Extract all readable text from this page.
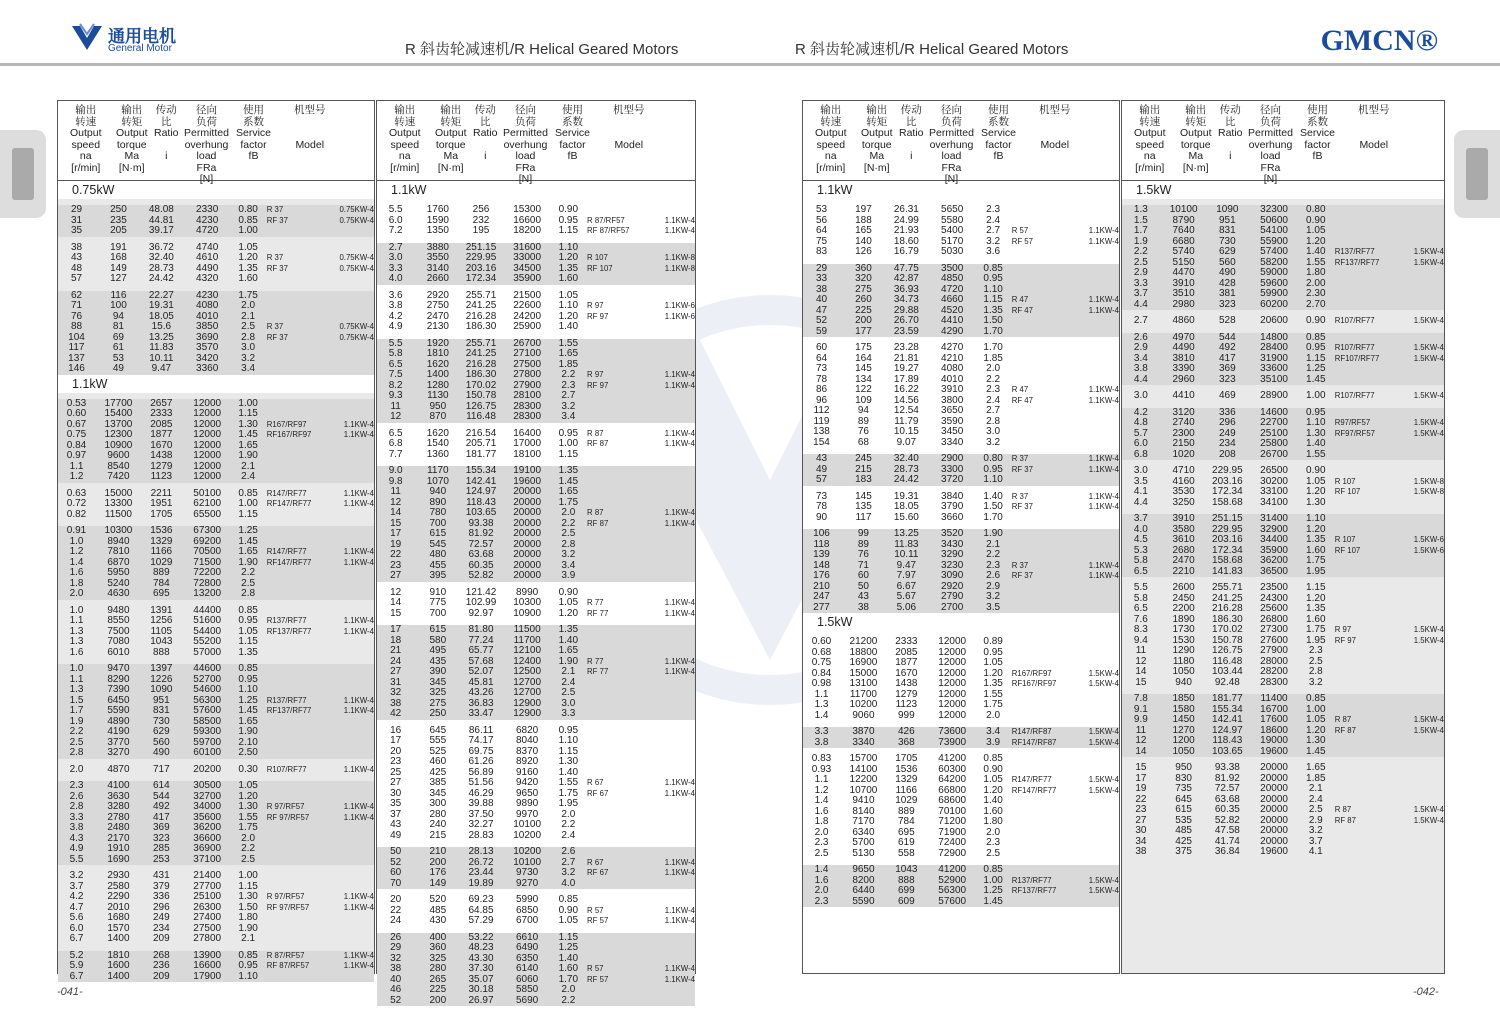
通用电机
General Motor	R 斜齿轮减速机/R Helical Geared Motors	R 斜齿轮减速机/R Helical Geared Motors	GMCN®
输出
转速
Output
speed
na
[r/min]
输出
转矩
Output
torque
Ma
[N·m]
传动
比
Ratio

i
径向
负荷
Permitted
overhung
load
FRa
[N]
使用
系数
Service
factor
fB
机型号

Model
0.75kW
29	250	48.08	2330	0.80	R 37	0.75KW-4
31	235	44.81	4230	0.85	RF 37	0.75KW-4
35	205	39.17	4720	1.00
38	191	36.72	4740	1.05
43	168	32.40	4610	1.20	R 37	0.75KW-4
48	149	28.73	4490	1.35	RF 37	0.75KW-4
57	127	24.42	4320	1.60
62	116	22.27	4230	1.75
71	100	19.31	4080	2.0
76	94	18.05	4010	2.1
88	81	15.6	3850	2.5	R 37	0.75KW-4
104	69	13.25	3690	2.8	RF 37	0.75KW-4
117	61	11.83	3570	3.0
137	53	10.11	3420	3.2
146	49	9.47	3360	3.4
1.1kW
0.53	17700	2657	12000	1.00
0.60	15400	2333	12000	1.15
0.67	13700	2085	12000	1.30	R167/RF97	1.1KW-4
0.75	12300	1877	12000	1.45	RF167/RF97	1.1KW-4
0.84	10900	1670	12000	1.65
0.97	9600	1438	12000	1.90
1.1	8540	1279	12000	2.1
1.2	7420	1123	12000	2.4
0.63	15000	2211	50100	0.85	R147/RF77	1.1KW-4
0.72	13300	1951	62100	1.00	RF147/RF77	1.1KW-4
0.82	11500	1705	65500	1.15
0.91	10300	1536	67300	1.25
1.0	8940	1329	69200	1.45
1.2	7810	1166	70500	1.65	R147/RF77	1.1KW-4
1.4	6870	1029	71500	1.90	RF147/RF77	1.1KW-4
1.6	5950	889	72200	2.2
1.8	5240	784	72800	2.5
2.0	4630	695	13200	2.8
1.0	9480	1391	44400	0.85
1.1	8550	1256	51600	0.95	R137/RF77	1.1KW-4
1.3	7500	1105	54400	1.05	RF137/RF77	1.1KW-4
1.3	7080	1043	55200	1.15
1.6	6010	888	57000	1.35
1.0	9470	1397	44600	0.85
1.1	8290	1226	52700	0.95
1.3	7390	1090	54600	1.10
1.5	6450	951	56300	1.25	R137/RF77	1.1KW-4
1.7	5590	831	57600	1.45	RF137/RF77	1.1KW-4
1.9	4890	730	58500	1.65
2.2	4190	629	59300	1.90
2.5	3770	560	59700	2.10
2.8	3270	490	60100	2.50
2.0	4870	717	20200	0.30	R107/RF77	1.1KW-4
2.3	4100	614	30500	1.05
2.6	3630	544	32700	1.20
2.8	3280	492	34000	1.30	R 97/RF57	1.1KW-4
3.3	2780	417	35600	1.55	RF 97/RF57	1.1KW-4
3.8	2480	369	36200	1.75
4.3	2170	323	36600	2.0
4.9	1910	285	36900	2.2
5.5	1690	253	37100	2.5
3.2	2930	431	21400	1.00
3.7	2580	379	27700	1.15
4.2	2290	336	25100	1.30	R 97/RF57	1.1KW-4
4.7	2010	296	26300	1.50	RF 97/RF57	1.1KW-4
5.6	1680	249	27400	1.80
6.0	1570	234	27500	1.90
6.7	1400	209	27800	2.1
5.2	1810	268	13900	0.85	R 87/RF57	1.1KW-4
5.9	1600	236	16600	0.95	RF 87/RF57	1.1KW-4
6.7	1400	209	17900	1.10
输出
转速
Output
speed
na
[r/min]
输出
转矩
Output
torque
Ma
[N·m]
传动
比
Ratio

i
径向
负荷
Permitted
overhung
load
FRa
[N]
使用
系数
Service
factor
fB
机型号

Model
1.1kW
5.5	1760	256	15300	0.90
6.0	1590	232	16600	0.95	R 87/RF57	1.1KW-4
7.2	1350	195	18200	1.15	RF 87/RF57	1.1KW-4
2.7	3880	251.15	31600	1.10
3.0	3550	229.95	33000	1.20	R 107	1.1KW-8
3.3	3140	203.16	34500	1.35	RF 107	1.1KW-8
4.0	2660	172.34	35900	1.60
3.6	2920	255.71	21500	1.05
3.8	2750	241.25	22600	1.10	R 97	1.1KW-6
4.2	2470	216.28	24200	1.20	RF 97	1.1KW-6
4.9	2130	186.30	25900	1.40
5.5	1920	255.71	26700	1.55
5.8	1810	241.25	27100	1.65
6.5	1620	216.28	27500	1.85
7.5	1400	186.30	27800	2.2	R 97	1.1KW-4
8.2	1280	170.02	27900	2.3	RF 97	1.1KW-4
9.3	1130	150.78	28100	2.7
11	950	126.75	28300	3.2
12	870	116.48	28300	3.4
6.5	1620	216.54	16400	0.95	R 87	1.1KW-4
6.8	1540	205.71	17000	1.00	RF 87	1.1KW-4
7.7	1360	181.77	18100	1.15
9.0	1170	155.34	19100	1.35
9.8	1070	142.41	19600	1.45
11	940	124.97	20000	1.65
12	890	118.43	20000	1.75
14	780	103.65	20000	2.0	R 87	1.1KW-4
15	700	93.38	20000	2.2	RF 87	1.1KW-4
17	615	81.92	20000	2.5
19	545	72.57	20000	2.8
22	480	63.68	20000	3.2
23	455	60.35	20000	3.4
27	395	52.82	20000	3.9
12	910	121.42	8990	0.90
14	775	102.99	10300	1.05	R 77	1.1KW-4
15	700	92.97	10900	1.20	RF 77	1.1KW-4
17	615	81.80	11500	1.35
18	580	77.24	11700	1.40
21	495	65.77	12100	1.65
24	435	57.68	12400	1.90	R 77	1.1KW-4
27	390	52.07	12500	2.1	RF 77	1.1KW-4
31	345	45.81	12700	2.4
32	325	43.26	12700	2.5
38	275	36.83	12900	3.0
42	250	33.47	12900	3.3
16	645	86.11	6820	0.95
17	555	74.17	8040	1.10
20	525	69.75	8370	1.15
23	460	61.26	8920	1.30
25	425	56.89	9160	1.40
27	385	51.56	9420	1.55	R 67	1.1KW-4
30	345	46.29	9650	1.75	RF 67	1.1KW-4
35	300	39.88	9890	1.95
37	280	37.50	9970	2.0
43	240	32.27	10100	2.2
49	215	28.83	10200	2.4
50	210	28.13	10200	2.6
52	200	26.72	10100	2.7	R 67	1.1KW-4
60	176	23.44	9730	3.2	RF 67	1.1KW-4
70	149	19.89	9270	4.0
20	520	69.23	5990	0.85
22	485	64.85	6850	0.90	R 57	1.1KW-4
24	430	57.29	6700	1.05	RF 57	1.1KW-4
26	400	53.22	6610	1.15
29	360	48.23	6490	1.25
32	325	43.30	6350	1.40
38	280	37.30	6140	1.60	R 57	1.1KW-4
40	265	35.07	6060	1.70	RF 57	1.1KW-4
46	225	30.18	5850	2.0
52	200	26.97	5690	2.2
输出
转速
Output
speed
na
[r/min]
输出
转矩
Output
torque
Ma
[N·m]
传动
比
Ratio

i
径向
负荷
Permitted
overhung
load
FRa
[N]
使用
系数
Service
factor
fB
机型号

Model
1.1kW
53	197	26.31	5650	2.3
56	188	24.99	5580	2.4
64	165	21.93	5400	2.7	R 57	1.1KW-4
75	140	18.60	5170	3.2	RF 57	1.1KW-4
83	126	16.79	5030	3.6
29	360	47.75	3500	0.85
33	320	42.87	4850	0.95
38	275	36.93	4720	1.10
40	260	34.73	4660	1.15	R 47	1.1KW-4
47	225	29.88	4520	1.35	RF 47	1.1KW-4
52	200	26.70	4410	1.50
59	177	23.59	4290	1.70
60	175	23.28	4270	1.70
64	164	21.81	4210	1.85
73	145	19.27	4080	2.0
78	134	17.89	4010	2.2
86	122	16.22	3910	2.3	R 47	1.1KW-4
96	109	14.56	3800	2.4	RF 47	1.1KW-4
112	94	12.54	3650	2.7
119	89	11.79	3590	2.8
138	76	10.15	3450	3.0
154	68	9.07	3340	3.2
43	245	32.40	2900	0.80	R 37	1.1KW-4
49	215	28.73	3300	0.95	RF 37	1.1KW-4
57	183	24.42	3720	1.10
73	145	19.31	3840	1.40	R 37	1.1KW-4
78	135	18.05	3790	1.50	RF 37	1.1KW-4
90	117	15.60	3660	1.70
106	99	13.25	3520	1.90
118	89	11.83	3430	2.1
139	76	10.11	3290	2.2
148	71	9.47	3230	2.3	R 37	1.1KW-4
176	60	7.97	3090	2.6	RF 37	1.1KW-4
210	50	6.67	2920	2.9
247	43	5.67	2790	3.2
277	38	5.06	2700	3.5
1.5kW
0.60	21200	2333	12000	0.89
0.68	18800	2085	12000	0.95
0.75	16900	1877	12000	1.05
0.84	15000	1670	12000	1.20	R167/RF97	1.5KW-4
0.98	13100	1438	12000	1.35	RF167/RF97	1.5KW-4
1.1	11700	1279	12000	1.55
1.3	10200	1123	12000	1.75
1.4	9060	999	12000	2.0
3.3	3870	426	73600	3.4	R147/RF87	1.5KW-4
3.8	3340	368	73900	3.9	RF147/RF87	1.5KW-4
0.83	15700	1705	41200	0.85
0.93	14100	1536	60300	0.90
1.1	12200	1329	64200	1.05	R147/RF77	1.5KW-4
1.2	10700	1166	66800	1.20	RF147/RF77	1.5KW-4
1.4	9410	1029	68600	1.40
1.6	8140	889	70100	1.60
1.8	7170	784	71200	1.80
2.0	6340	695	71900	2.0
2.3	5700	619	72400	2.3
2.5	5130	558	72900	2.5
1.4	9650	1043	41200	0.85
1.6	8200	888	52900	1.00	R137/RF77	1.5KW-4
2.0	6440	699	56300	1.25	RF137/RF77	1.5KW-4
2.3	5590	609	57600	1.45
输出
转速
Output
speed
na
[r/min]
输出
转矩
Output
torque
Ma
[N·m]
传动
比
Ratio

i
径向
负荷
Permitted
overhung
load
FRa
[N]
使用
系数
Service
factor
fB
机型号

Model
1.5kW
1.3	10100	1090	32300	0.80
1.5	8790	951	50600	0.90
1.7	7640	831	54100	1.05
1.9	6680	730	55900	1.20
2.2	5740	629	57400	1.40	R137/RF77	1.5KW-4
2.5	5150	560	58200	1.55	RF137/RF77	1.5KW-4
2.9	4470	490	59000	1.80
3.3	3910	428	59600	2.00
3.7	3510	381	59900	2.30
4.4	2980	323	60200	2.70
2.7	4860	528	20600	0.90	R107/RF77	1.5KW-4
2.6	4970	544	14800	0.85
2.9	4490	492	28400	0.95	R107/RF77	1.5KW-4
3.4	3810	417	31900	1.15	RF107/RF77	1.5KW-4
3.8	3390	369	33600	1.25
4.4	2960	323	35100	1.45
3.0	4410	469	28900	1.00	R107/RF77	1.5KW-4
4.2	3120	336	14600	0.95
4.8	2740	296	22700	1.10	R97/RF57	1.5KW-4
5.7	2300	249	25100	1.30	RF97/RF57	1.5KW-4
6.0	2150	234	25800	1.40
6.8	1020	208	26700	1.55
3.0	4710	229.95	26500	0.90
3.5	4160	203.16	30200	1.05	R 107	1.5KW-8
4.1	3530	172.34	33100	1.20	RF 107	1.5KW-8
4.4	3250	158.68	34100	1.30
3.7	3910	251.15	31400	1.10
4.0	3580	229.95	32900	1.20
4.5	3610	203.16	34400	1.35	R 107	1.5KW-6
5.3	2680	172.34	35900	1.60	RF 107	1.5KW-6
5.8	2470	158.68	36200	1.75
6.5	2210	141.83	36500	1.95
5.5	2600	255.71	23500	1.15
5.8	2450	241.25	24300	1.20
6.5	2200	216.28	25600	1.35
7.6	1890	186.30	26800	1.60
8.3	1730	170.02	27300	1.75	R 97	1.5KW-4
9.4	1530	150.78	27600	1.95	RF 97	1.5KW-4
11	1290	126.75	27900	2.3
12	1180	116.48	28000	2.5
14	1050	103.44	28200	2.8
15	940	92.48	28300	3.2
7.8	1850	181.77	11400	0.85
9.1	1580	155.34	16700	1.00
9.9	1450	142.41	17600	1.05	R 87	1.5KW-4
11	1270	124.97	18600	1.20	RF 87	1.5KW-4
12	1200	118.43	19000	1.30
14	1050	103.65	19600	1.45
15	950	93.38	20000	1.65
17	830	81.92	20000	1.85
19	735	72.57	20000	2.1
22	645	63.68	20000	2.4
23	615	60.35	20000	2.5	R 87	1.5KW-4
27	535	52.82	20000	2.9	RF 87	1.5KW-4
30	485	47.58	20000	3.2
34	425	41.74	20000	3.7
38	375	36.84	19600	4.1
-041-	-042-
